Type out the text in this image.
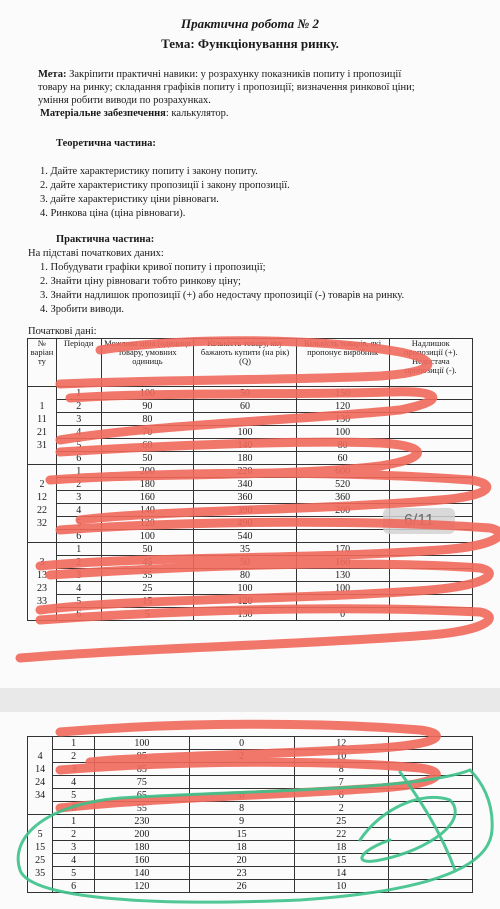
Практична робота № 2
Тема: Функціонування ринку.
Мета: Закріпити практичні навики: у розрахунку показників попиту і пропозиції
товару на ринку; складання графіків попиту і пропозиції; визначення ринкової ціни;
уміння робити виводи по розрахунках.
Матеріальне забезпечення: калькулятор.
Теоретична частина:
1. Дайте характеристику попиту і закону попиту.
2. дайте характеристику пропозиції і закону пропозиції.
3. дайте характеристику ціни рівноваги.
4. Ринкова ціна (ціна рівноваги).
Практична частина:
На підставі початкових даних:
1. Побудувати графіки кривої попиту і пропозиції;
2. Знайти ціну рівноваги тобто ринкову ціну;
3. Знайти надлишок пропозиції (+) або недостачу пропозиції (-) товарів на ринку.
4. Зробити виводи.
Початкові дані:
№ варіан ту	Періоди	Можлива ціна (одиниця товару, умовних одиниць	Кількість товару, яку бажають купити (на рік) (Q)	Кількість товарів, які пропонує виробник	Надлишок пропозиції (+). Недостача пропозиції (-).
1
11
21
31	1	100	50	150	
	2	90	60	120	
	3	80		130	
	4	70	100	100	
	5	60	140	80	
	6	50	180	60	
2
12
22
32	1	200	220	600	
	2	180	340	520	
	3	160	360	360	
	4	140	390	200	
	5	120	490		
	6	100	540		
3
13
23
33	1	50	35	170	
	2	45	50	160	
	3	35	80	130	
	4	25	100	100	
	5	15	120		
	6	5	130	0	
6/11
4
14
24
34	1	100	0	12	
	2	95	2	10	
	3	85		8	
	4	75		7	
	5	65	6	6	
	6	55	8	2	
5
15
25
35	1	230	9	25	
	2	200	15	22	
	3	180	18	18	
	4	160	20	15	
	5	140	23	14	
	6	120	26	10	
